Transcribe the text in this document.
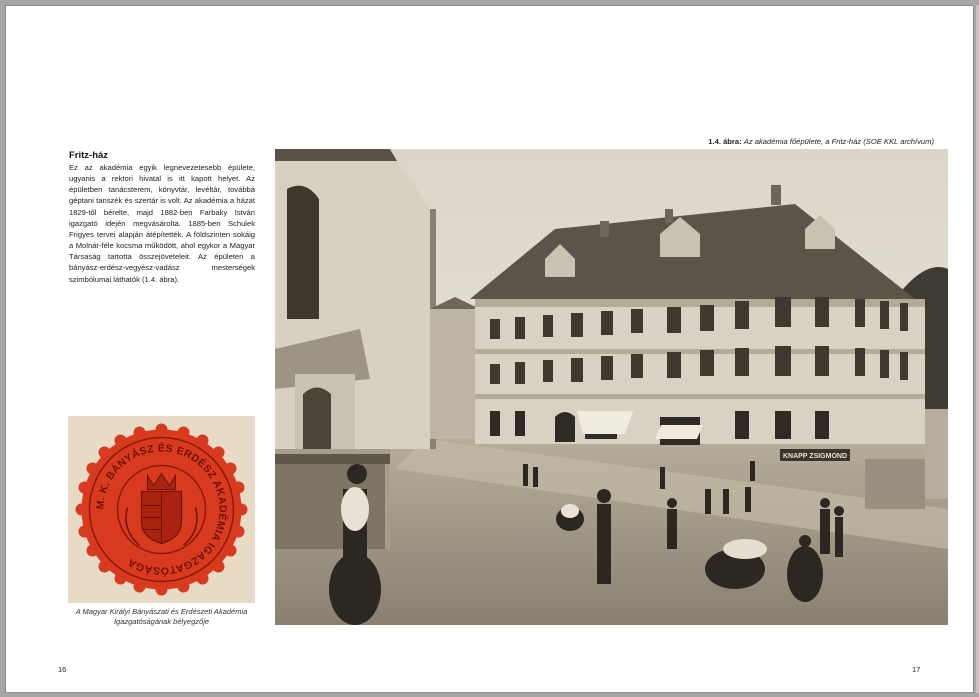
Fritz-ház
Ez az akadémia egyik legnevezetesebb épülete, ugyanis a rektori hivatal is itt kapott helyet. Az épületben tanácsterem, könyvtár, levéltár, továbbá géptani tanszék és szertár is volt. Az akadémia a házat 1829-től bérelte, majd 1882-ben Farbaky István igazgató idején megvásárolta. 1885-ben Schulek Frigyes tervei alapján átépítették. A földszinten sokáig a Molnár-féle kocsma működött, ahol egykor a Magyar Társaság tartotta összejöveteleit. Az épületen a bányász-erdész-vegyész-vadász mesterségek szimbólumai láthatók (1.4. ábra).
M. K. BÁNYÁSZ ÉS ERDÉSZ AKADÉMIA IGAZGATÓSÁGA
A Magyar Királyi Bányászati és Erdészeti Akadémia Igazgatóságának bélyegzője
16
1.4. ábra: Az akadémia főépülete, a Fritz-ház (SOE KKL archívum)
KNAPP ZSIGMOND
17
